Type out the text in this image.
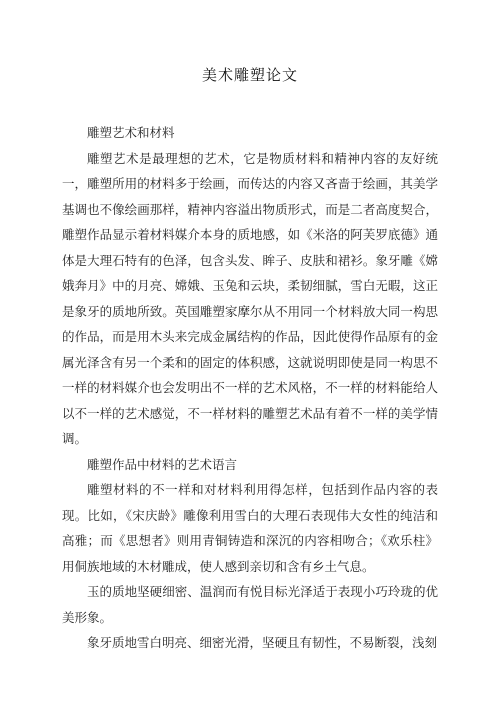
美术雕塑论文

雕塑艺术和材料

雕塑艺术是最理想的艺术，它是物质材料和精神内容的友好统一，雕塑所用的材料多于绘画，而传达的内容又吝啬于绘画，其美学基调也不像绘画那样，精神内容溢出物质形式，而是二者高度契合，雕塑作品显示着材料媒介本身的质地感，如《米洛的阿芙罗底德》通体是大理石特有的色泽，包含头发、眸子、皮肤和裙衫。象牙雕《嫦娥奔月》中的月亮、嫦娥、玉兔和云块，柔韧细腻，雪白无暇，这正是象牙的质地所致。英国雕塑家摩尔从不用同一个材料放大同一构思的作品，而是用木头来完成金属结构的作品，因此使得作品原有的金属光泽含有另一个柔和的固定的体积感，这就说明即使是同一构思不一样的材料媒介也会发明出不一样的艺术风格，不一样的材料能给人以不一样的艺术感觉，不一样材料的雕塑艺术品有着不一样的美学情调。

雕塑作品中材料的艺术语言

雕塑材料的不一样和对材料利用得怎样，包括到作品内容的表现。比如，《宋庆龄》雕像利用雪白的大理石表现伟大女性的纯洁和高雅；而《思想者》则用青铜铸造和深沉的内容相吻合；《欢乐柱》用侗族地域的木材雕成，使人感到亲切和含有乡土气息。

玉的质地坚硬细密、温润而有悦目标光泽适于表现小巧玲珑的优美形象。

象牙质地雪白明亮、细密光滑，坚硬且有韧性，不易断裂，浅刻
